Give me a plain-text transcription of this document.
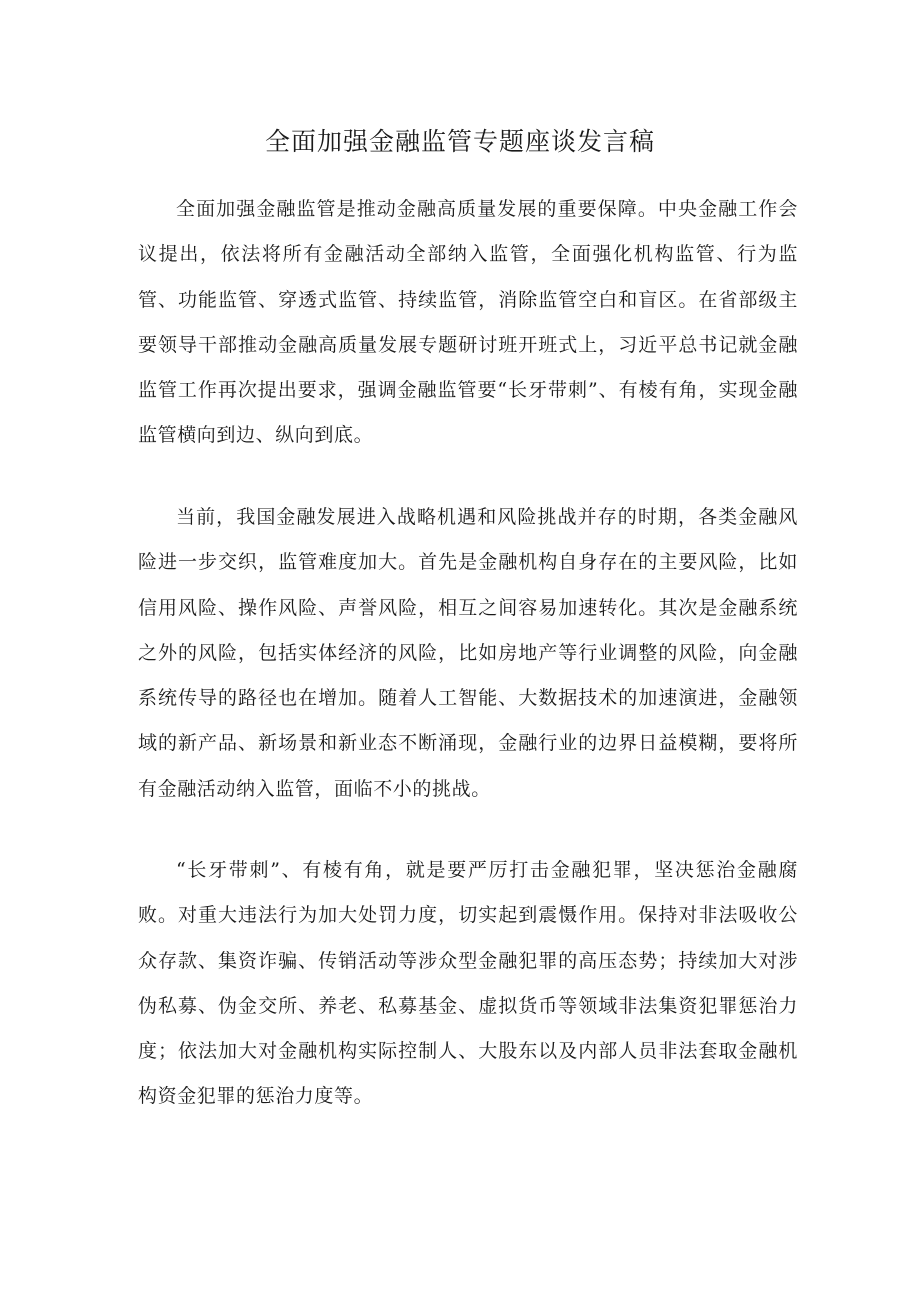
全面加强金融监管专题座谈发言稿

全面加强金融监管是推动金融高质量发展的重要保障。中央金融工作会议提出，依法将所有金融活动全部纳入监管，全面强化机构监管、行为监管、功能监管、穿透式监管、持续监管，消除监管空白和盲区。在省部级主要领导干部推动金融高质量发展专题研讨班开班式上，习近平总书记就金融监管工作再次提出要求，强调金融监管要“长牙带刺”、有棱有角，实现金融监管横向到边、纵向到底。

当前，我国金融发展进入战略机遇和风险挑战并存的时期，各类金融风险进一步交织，监管难度加大。首先是金融机构自身存在的主要风险，比如信用风险、操作风险、声誉风险，相互之间容易加速转化。其次是金融系统之外的风险，包括实体经济的风险，比如房地产等行业调整的风险，向金融系统传导的路径也在增加。随着人工智能、大数据技术的加速演进，金融领域的新产品、新场景和新业态不断涌现，金融行业的边界日益模糊，要将所有金融活动纳入监管，面临不小的挑战。

“长牙带刺”、有棱有角，就是要严厉打击金融犯罪，坚决惩治金融腐败。对重大违法行为加大处罚力度，切实起到震慑作用。保持对非法吸收公众存款、集资诈骗、传销活动等涉众型金融犯罪的高压态势；持续加大对涉伪私募、伪金交所、养老、私募基金、虚拟货币等领域非法集资犯罪惩治力度；依法加大对金融机构实际控制人、大股东以及内部人员非法套取金融机构资金犯罪的惩治力度等。
